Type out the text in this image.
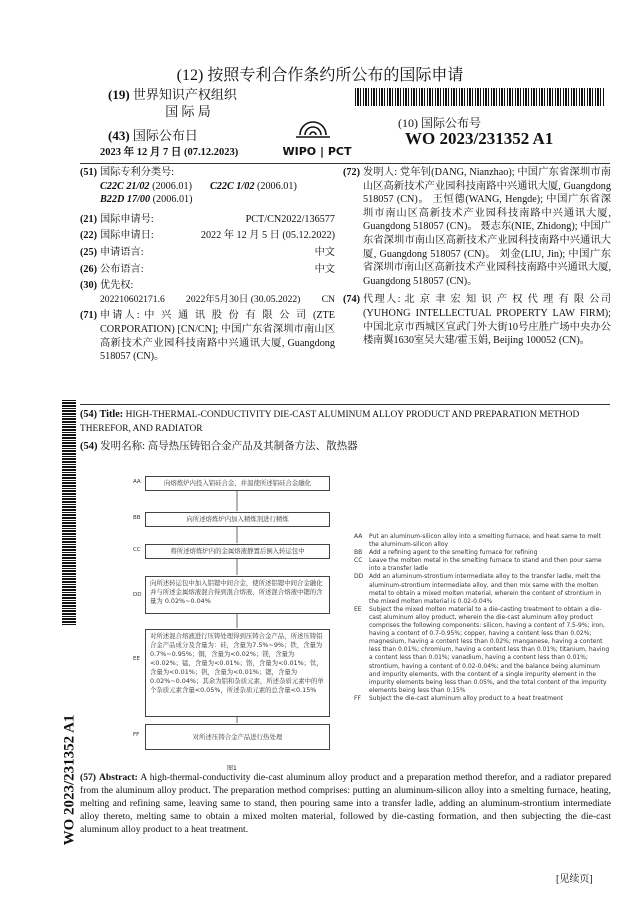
(12) 按照专利合作条约所公布的国际申请
(19) 世界知识产权组织
国 际 局
(43) 国际公布日
2023 年 12 月 7 日 (07.12.2023)	WIPO | PCT
(10) 国际公布号
WO 2023/231352 A1
(51) 国际专利分类号:
C22C 21/02 (2006.01) C22C 1/02 (2006.01)
B22D 17/00 (2006.01)
(21) 国际申请号:	PCT/CN2022/136577
(22) 国际申请日:	2022 年 12 月 5 日 (05.12.2022)
(25) 申请语言:	中文
(26) 公布语言:	中文
(30) 优先权:
202210602171.6 2022年5月30日 (30.05.2022) CN
(71) 申请人: 中 兴 通 讯 股 份 有 限 公 司 (ZTE CORPORATION) [CN/CN]; 中国广东省深圳市南山区高新技术产业园科技南路中兴通讯大厦, Guangdong 518057 (CN)。
(72) 发明人: 党年钊(DANG, Nianzhao); 中国广东省深圳市南山区高新技术产业园科技南路中兴通讯大厦, Guangdong 518057 (CN)。 王恒德(WANG, Hengde); 中国广东省深圳市南山区高新技术产业园科技南路中兴通讯大厦, Guangdong 518057 (CN)。 聂志东(NIE, Zhidong); 中国广东省深圳市南山区高新技术产业园科技南路中兴通讯大厦, Guangdong 518057 (CN)。 刘金(LIU, Jin); 中国广东省深圳市南山区高新技术产业园科技南路中兴通讯大厦, Guangdong 518057 (CN)。
(74) 代理人: 北 京 聿 宏 知 识 产 权 代 理 有 限 公司(YUHONG INTELLECTUAL PROPERTY LAW FIRM); 中国北京市西城区宣武门外大街10号庄胜广场中央办公楼南翼1630室吴大建/霍玉娟, Beijing 100052 (CN)。
WO 2023/231352 A1
(54) Title: HIGH-THERMAL-CONDUCTIVITY DIE-CAST ALUMINUM ALLOY PRODUCT AND PREPARATION METHOD THEREFOR, AND RADIATOR
(54) 发明名称: 高导热压铸铝合金产品及其制备方法、散热器
AA	向熔炼炉内投入铝硅合金，并温使所述铝硅合金融化
BB	向所述熔炼炉内加入精炼剂进行精炼
CC	将所述熔炼炉内的金属熔液静置后倒入转运包中
DD
向所述转运包中加入铝锶中间合金，使所述铝锶中间合金融化并与所述金属熔液混合得到混合熔液，所述混合熔液中锶的含量为 0.02%~0.04%
EE
对所述混合熔液进行压铸处理得到压铸合金产品，所述压铸铝合金产品成分及含量为：硅，含量为7.5%~9%；铁，含量为0.7%~0.95%；铜，含量为<0.02%；镁，含量为<0.02%；锰，含量为<0.01%；铬，含量为<0.01%；钛，含量为<0.01%；钒，含量为<0.01%；锶，含量为0.02%~0.04%；其余为铝和杂质元素，所述杂质元素中的单个杂质元素含量<0.05%，所述杂质元素的总含量<0.15%
FF	对所述压铸合金产品进行热处理
AA	Put an aluminum-silicon alloy into a smelting furnace, and heat same to melt the aluminum-silicon alloy
BB	Add a refining agent to the smelting furnace for refining
CC	Leave the molten metal in the smelting furnace to stand and then pour same into a transfer ladle
DD Add an aluminum-strontium intermediate alloy to the transfer ladle, melt the aluminum-strontium intermediate alloy, and then mix same with the molten metal to obtain a mixed molten material, wherein the content of strontium in the mixed molten material is 0.02-0.04%
EE	Subject the mixed molten material to a die-casting treatment to obtain a die-cast aluminum alloy product, wherein the die-cast aluminum alloy product comprises the following components: silicon, having a content of 7.5-9%; iron, having a content of 0.7-0.95%; copper, having a content less than 0.02%; magnesium, having a content less than 0.02%; manganese, having a content less than 0.01%; chromium, having a content less than 0.01%; titanium, having a content less than 0.01%; vanadium, having a content less than 0.01%; strontium, having a content of 0.02-0.04%; and the balance being aluminum and impurity elements, with the content of a single impurity element in the impurity elements being less than 0.05%, and the total content of the impurity elements being less than 0.15%
FF	Subject the die-cast aluminum alloy product to a heat treatment
图1
(57) Abstract: A high-thermal-conductivity die-cast aluminum alloy product and a preparation method therefor, and a radiator prepared from the aluminum alloy product. The preparation method comprises: putting an aluminum-silicon alloy into a smelting furnace, heating, melting and refining same, leaving same to stand, then pouring same into a transfer ladle, adding an aluminum-strontium intermediate alloy thereto, melting same to obtain a mixed molten material, followed by die-casting formation, and then subjecting the die-cast aluminum alloy product to a heat treatment.
[见续页]
